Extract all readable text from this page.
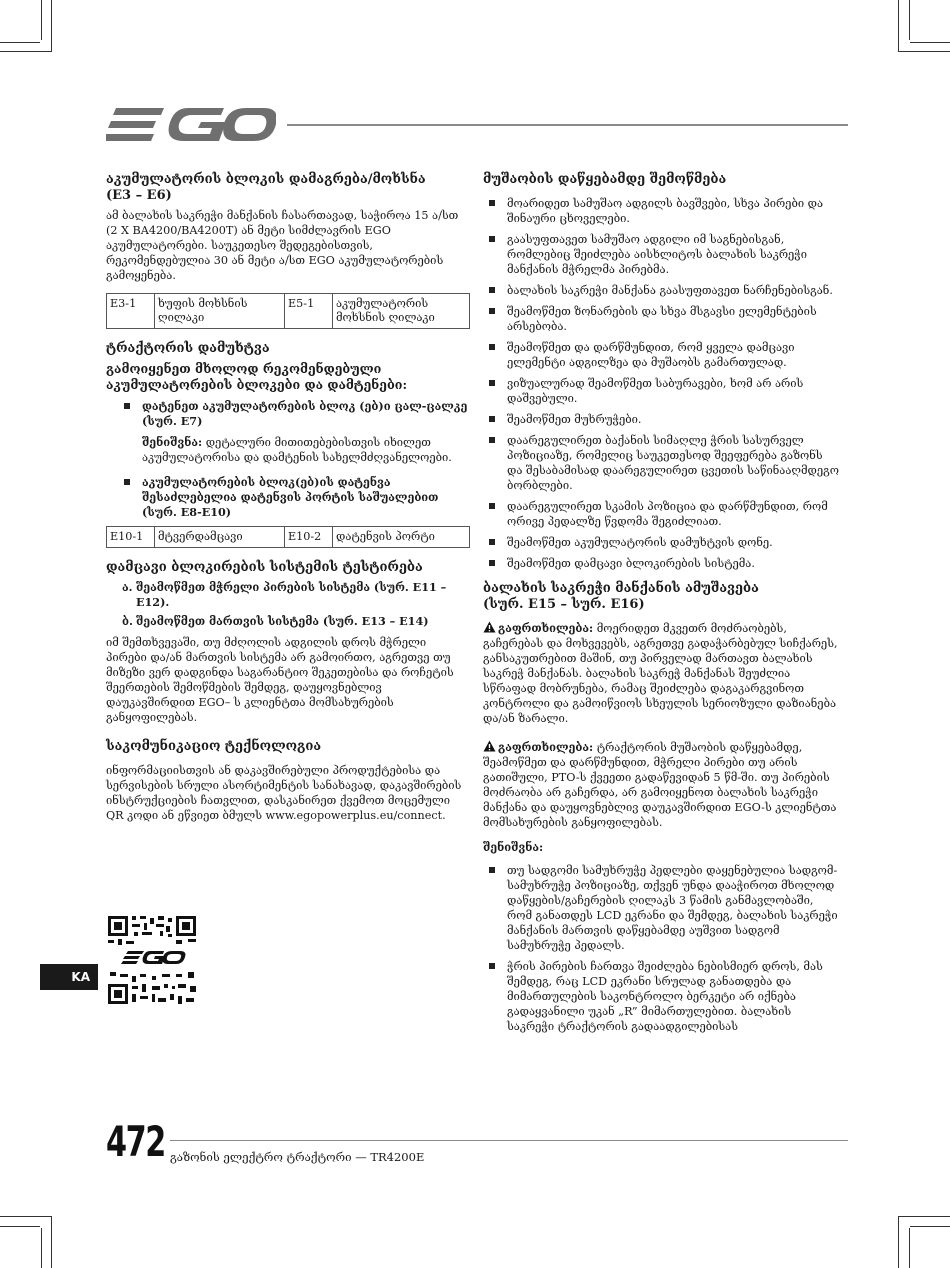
აკუმულატორის ბლოკის დამაგრება/მოხსნა
(E3 – E6)

ამ ბალახის საკრეჭი მანქანის ჩასართავად, საჭიროა 15 ა/სთ (2 X BA4200/BA4200T) ან მეტი სიმძლავრის EGO აკუმულატორები. საუკეთესო შედეგებისთვის, რეკომენდებულია 30 ან მეტი ა/სთ EGO აკუმულატორების გამოყენება.

E3-1	ხუფის მოხსნის ღილაკი	E5-1	აკუმულატორის მოხსნის ღილაკი
ტრაქტორის დამუხტვა
გამოიყენეთ მხოლოდ რეკომენდებული აკუმულატორების ბლოკები და დამტენები:
დატენეთ აკუმულატორების ბლოკ (ებ)ი ცალ-ცალკე (სურ. E7)
შენიშვნა: დეტალური მითითებებისთვის იხილეთ აკუმულატორისა და დამტენის სახელმძღვანელოები.
აკუმულატორების ბლოკ(ებ)ის დატენვა შესაძლებელია დატენვის პორტის საშუალებით (სურ. E8-E10)
E10-1	მტვერდამცავი	E10-2	დატენვის პორტი
დამცავი ბლოკირების სისტემის ტესტირება
ა. შეამოწმეთ მჭრელი პირების სისტემა (სურ. E11 – E12).
ბ. შეამოწმეთ მართვის სისტემა (სურ. E13 – E14)

იმ შემთხვევაში, თუ მძღოლის ადგილის დროს მჭრელი პირები და/ან მართვის სისტემა არ გამოირთო, აგრეთვე თუ მიზეზი ვერ დადგინდა საგარანტიო შეკეთებისა და როჩეტის შეერთების შემოწმების შემდეგ, დაუყოვნებლივ დაუკავშირდით EGO– ს კლიენტთა მომსახურების განყოფილებას.

საკომუნიკაციო ტექნოლოგია

ინფორმაციისთვის ან დაკავშირებული პროდუქტებისა და სერვისების სრული ასორტიმენტის სანახავად, დაკავშირების ინსტრუქციების ჩათვლით, დასკანირეთ ქვემოთ მოცემული QR კოდი ან ეწვიეთ ბმულს www.egopowerplus.eu/connect.

KA
მუშაობის დაწყებამდე შემოწმება
მოარიდეთ სამუშაო ადგილს ბავშვები, სხვა პირები და შინაური ცხოველები.
გაასუფთავეთ სამუშაო ადგილი იმ საგნებისგან, რომლებიც შეიძლება აისხლიტოს ბალახის საკრეჭი მანქანის მჭრელმა პირებმა.
ბალახის საკრეჭი მანქანა გაასუფთავეთ ნარჩენებისგან.
შეამოწმეთ ზონარების და სხვა მსგავსი ელემენტების არსებობა.
შეამოწმეთ და დარწმუნდით, რომ ყველა დამცავი ელემენტი ადგილზეა და მუშაობს გამართულად.
ვიზუალურად შეამოწმეთ საბურავები, ხომ არ არის დაშვებული.
შეამოწმეთ მუხრუჭები.
დაარეგულირეთ ბაქანის სიმაღლე ჭრის სასურველ პოზიციაზე, რომელიც საუკეთესოდ შეეფერება გაზონს და შესაბამისად დაარეგულირეთ ცვეთის საწინააღმდეგო ბორბლები.
დაარეგულირეთ სკამის პოზიცია და დარწმუნდით, რომ ორივე პედალზე წვდომა შეგიძლიათ.
შეამოწმეთ აკუმულატორის დამუხტვის დონე.
შეამოწმეთ დამცავი ბლოკირების სისტემა.
ბალახის საკრეჭი მანქანის ამუშავება
(სურ. E15 – სურ. E16)

გაფრთხილება: მოერიდეთ მკვეთრ მოძრაობებს, გაჩერებას და მოხვევებს, აგრეთვე გადაჭარბებულ სიჩქარეს, განსაკუთრებით მაშინ, თუ პირველად მართავთ ბალახის საკრეჭ მანქანას. ბალახის საკრეჭ მანქანას შეუძლია სწრაფად მობრუნება, რამაც შეიძლება დაგაკარგვინოთ კონტროლი და გამოიწვიოს სხეულის სერიოზული დაზიანება და/ან ზარალი.

გაფრთხილება: ტრაქტორის მუშაობის დაწყებამდე, შეამოწმეთ და დარწმუნდით, მჭრელი პირები თუ არის გათიშული, PTO-ს ქვეეთი გადაწევიდან 5 წმ-ში. თუ პირების მოძრაობა არ გაჩერდა, არ გამოიყენოთ ბალახის საკრეჭი მანქანა და დაუყოვნებლივ დაუკავშირდით EGO-ს კლიენტთა მომსახურების განყოფილებას.

შენიშვნა:

თუ სადგომი სამუხრუჭე პედლები დაყენებულია სადგომ-სამუხრუჭე პოზიციაზე, თქვენ უნდა დააჭიროთ მხოლოდ დაწყების/გაჩერების ღილაკს 3 წამის განმავლობაში, რომ განათდეს LCD ეკრანი და შემდეგ, ბალახის საკრეჭი მანქანის მართვის დაწყებამდე აუშვით სადგომ სამუხრუჭე პედალს.
ჭრის პირების ჩართვა შეიძლება ნებისმიერ დროს, მას შემდეგ, რაც LCD ეკრანი სრულად განათდება და მიმართულების საკონტროლო ბერკეტი არ იქნება გადაყვანილი უკან „R” მიმართულებით. ბალახის საკრეჭი ტრაქტორის გადაადგილებისას
472 გაზონის ელექტრო ტრაქტორი — TR4200E
